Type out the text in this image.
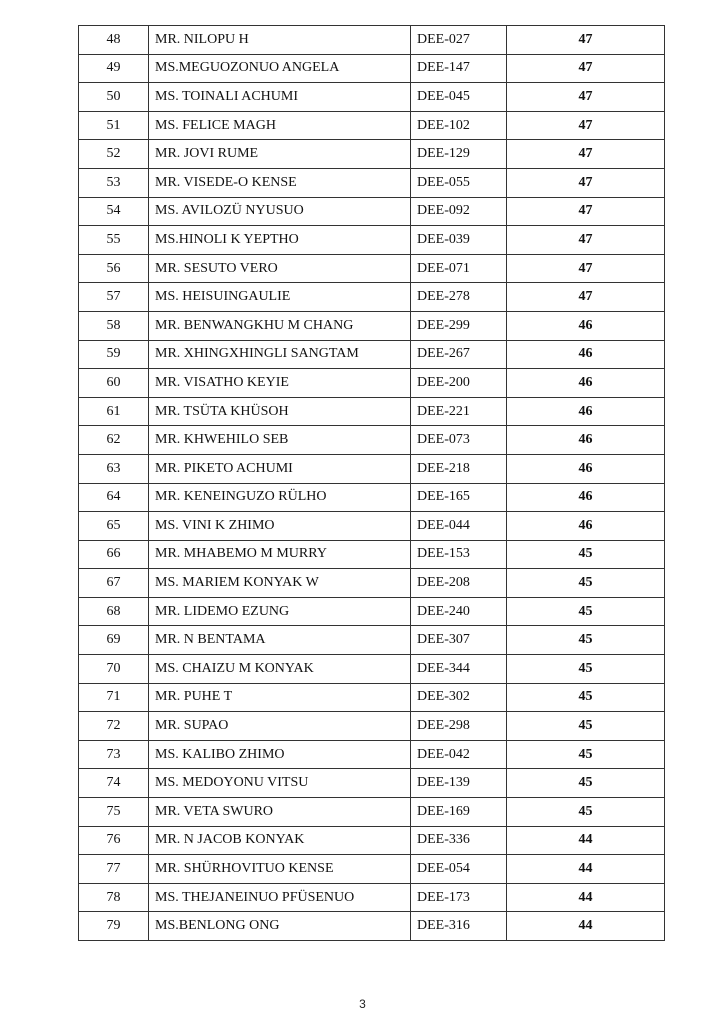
48	MR. NILOPU H	DEE-027	47
49	MS.MEGUOZONUO ANGELA	DEE-147	47
50	MS. TOINALI ACHUMI	DEE-045	47
51	MS. FELICE MAGH	DEE-102	47
52	MR. JOVI RUME	DEE-129	47
53	MR. VISEDE-O KENSE	DEE-055	47
54	MS. AVILOZÜ NYUSUO	DEE-092	47
55	MS.HINOLI K YEPTHO	DEE-039	47
56	MR. SESUTO VERO	DEE-071	47
57	MS. HEISUINGAULIE	DEE-278	47
58	MR. BENWANGKHU M CHANG	DEE-299	46
59	MR. XHINGXHINGLI SANGTAM	DEE-267	46
60	MR. VISATHO KEYIE	DEE-200	46
61	MR. TSÜTA KHÜSOH	DEE-221	46
62	MR. KHWEHILO SEB	DEE-073	46
63	MR. PIKETO ACHUMI	DEE-218	46
64	MR. KENEINGUZO RÜLHO	DEE-165	46
65	MS. VINI K ZHIMO	DEE-044	46
66	MR. MHABEMO M MURRY	DEE-153	45
67	MS. MARIEM KONYAK W	DEE-208	45
68	MR. LIDEMO EZUNG	DEE-240	45
69	MR. N BENTAMA	DEE-307	45
70	MS. CHAIZU M KONYAK	DEE-344	45
71	MR. PUHE T	DEE-302	45
72	MR. SUPAO	DEE-298	45
73	MS. KALIBO ZHIMO	DEE-042	45
74	MS. MEDOYONU VITSU	DEE-139	45
75	MR. VETA SWURO	DEE-169	45
76	MR. N JACOB KONYAK	DEE-336	44
77	MR. SHÜRHOVITUO KENSE	DEE-054	44
78	MS. THEJANEINUO PFÜSENUO	DEE-173	44
79	MS.BENLONG ONG	DEE-316	44
3
